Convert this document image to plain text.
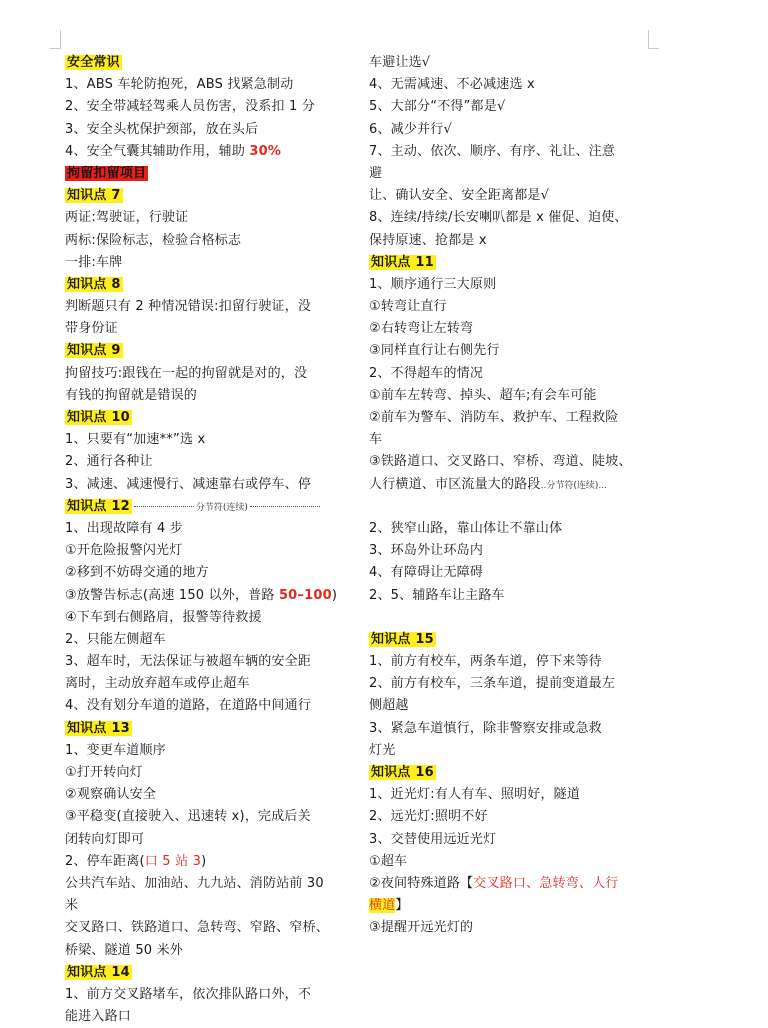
安全常识
1、ABS 车轮防抱死，ABS 找紧急制动
2、安全带减轻驾乘人员伤害，没系扣 1 分
3、安全头枕保护颈部，放在头后
4、安全气囊其辅助作用，辅助 30%
拘留扣留项目
知识点 7
两证:驾驶证，行驶证
两标:保险标志，检验合格标志
一排:车牌
知识点 8
判断题只有 2 种情况错误:扣留行驶证，没
带身份证
知识点 9
拘留技巧:跟钱在一起的拘留就是对的，没
有钱的拘留就是错误的
知识点 10
1、只要有“加速**”选 x
2、通行各种让
3、减速、减速慢行、减速靠右或停车、停
知识点 12	分节符(连续)
1、出现故障有 4 步
①开危险报警闪光灯
②移到不妨碍交通的地方
③放警告标志(高速 150 以外，普路 50–100)
④下车到右侧路肩，报警等待救援
2、只能左侧超车
3、超车时，无法保证与被超车辆的安全距
离时，主动放弃超车或停止超车
4、没有划分车道的道路，在道路中间通行
知识点 13
1、变更车道顺序
①打开转向灯
②观察确认安全
③平稳变(直接驶入、迅速转 x)，完成后关
闭转向灯即可
2、停车距离(口 5 站 3)
公共汽车站、加油站、九九站、消防站前 30
米
交叉路口、铁路道口、急转弯、窄路、窄桥、
桥梁、隧道 50 米外
知识点 14
1、前方交叉路堵车，依次排队路口外，不
能进入路口
车避让选√
4、无需减速、不必减速选 x
5、大部分“不得”都是√
6、减少并行√
7、主动、依次、顺序、有序、礼让、注意
避
让、确认安全、安全距离都是√
8、连续/持续/长安喇叭都是 x 催促、迫使、
保持原速、抢都是 x
知识点 11
1、顺序通行三大原则
①转弯让直行
②右转弯让左转弯
③同样直行让右侧先行
2、不得超车的情况
①前车左转弯、掉头、超车;有会车可能
②前车为警车、消防车、救护车、工程救险
车
③铁路道口、交叉路口、窄桥、弯道、陡坡、
人行横道、市区流量大的路段..分节符(连续)...
2、狭窄山路，靠山体让不靠山体
3、环岛外让环岛内
4、有障碍让无障碍
2、5、辅路车让主路车
知识点 15
1、前方有校车，两条车道，停下来等待
2、前方有校车，三条车道，提前变道最左
侧超越
3、紧急车道慎行，除非警察安排或急救
灯光
知识点 16
1、近光灯:有人有车、照明好，隧道
2、远光灯:照明不好
3、交替使用远近光灯
①超车
②夜间特殊道路【交叉路口、急转弯、人行
横道】
③提醒开远光灯的
